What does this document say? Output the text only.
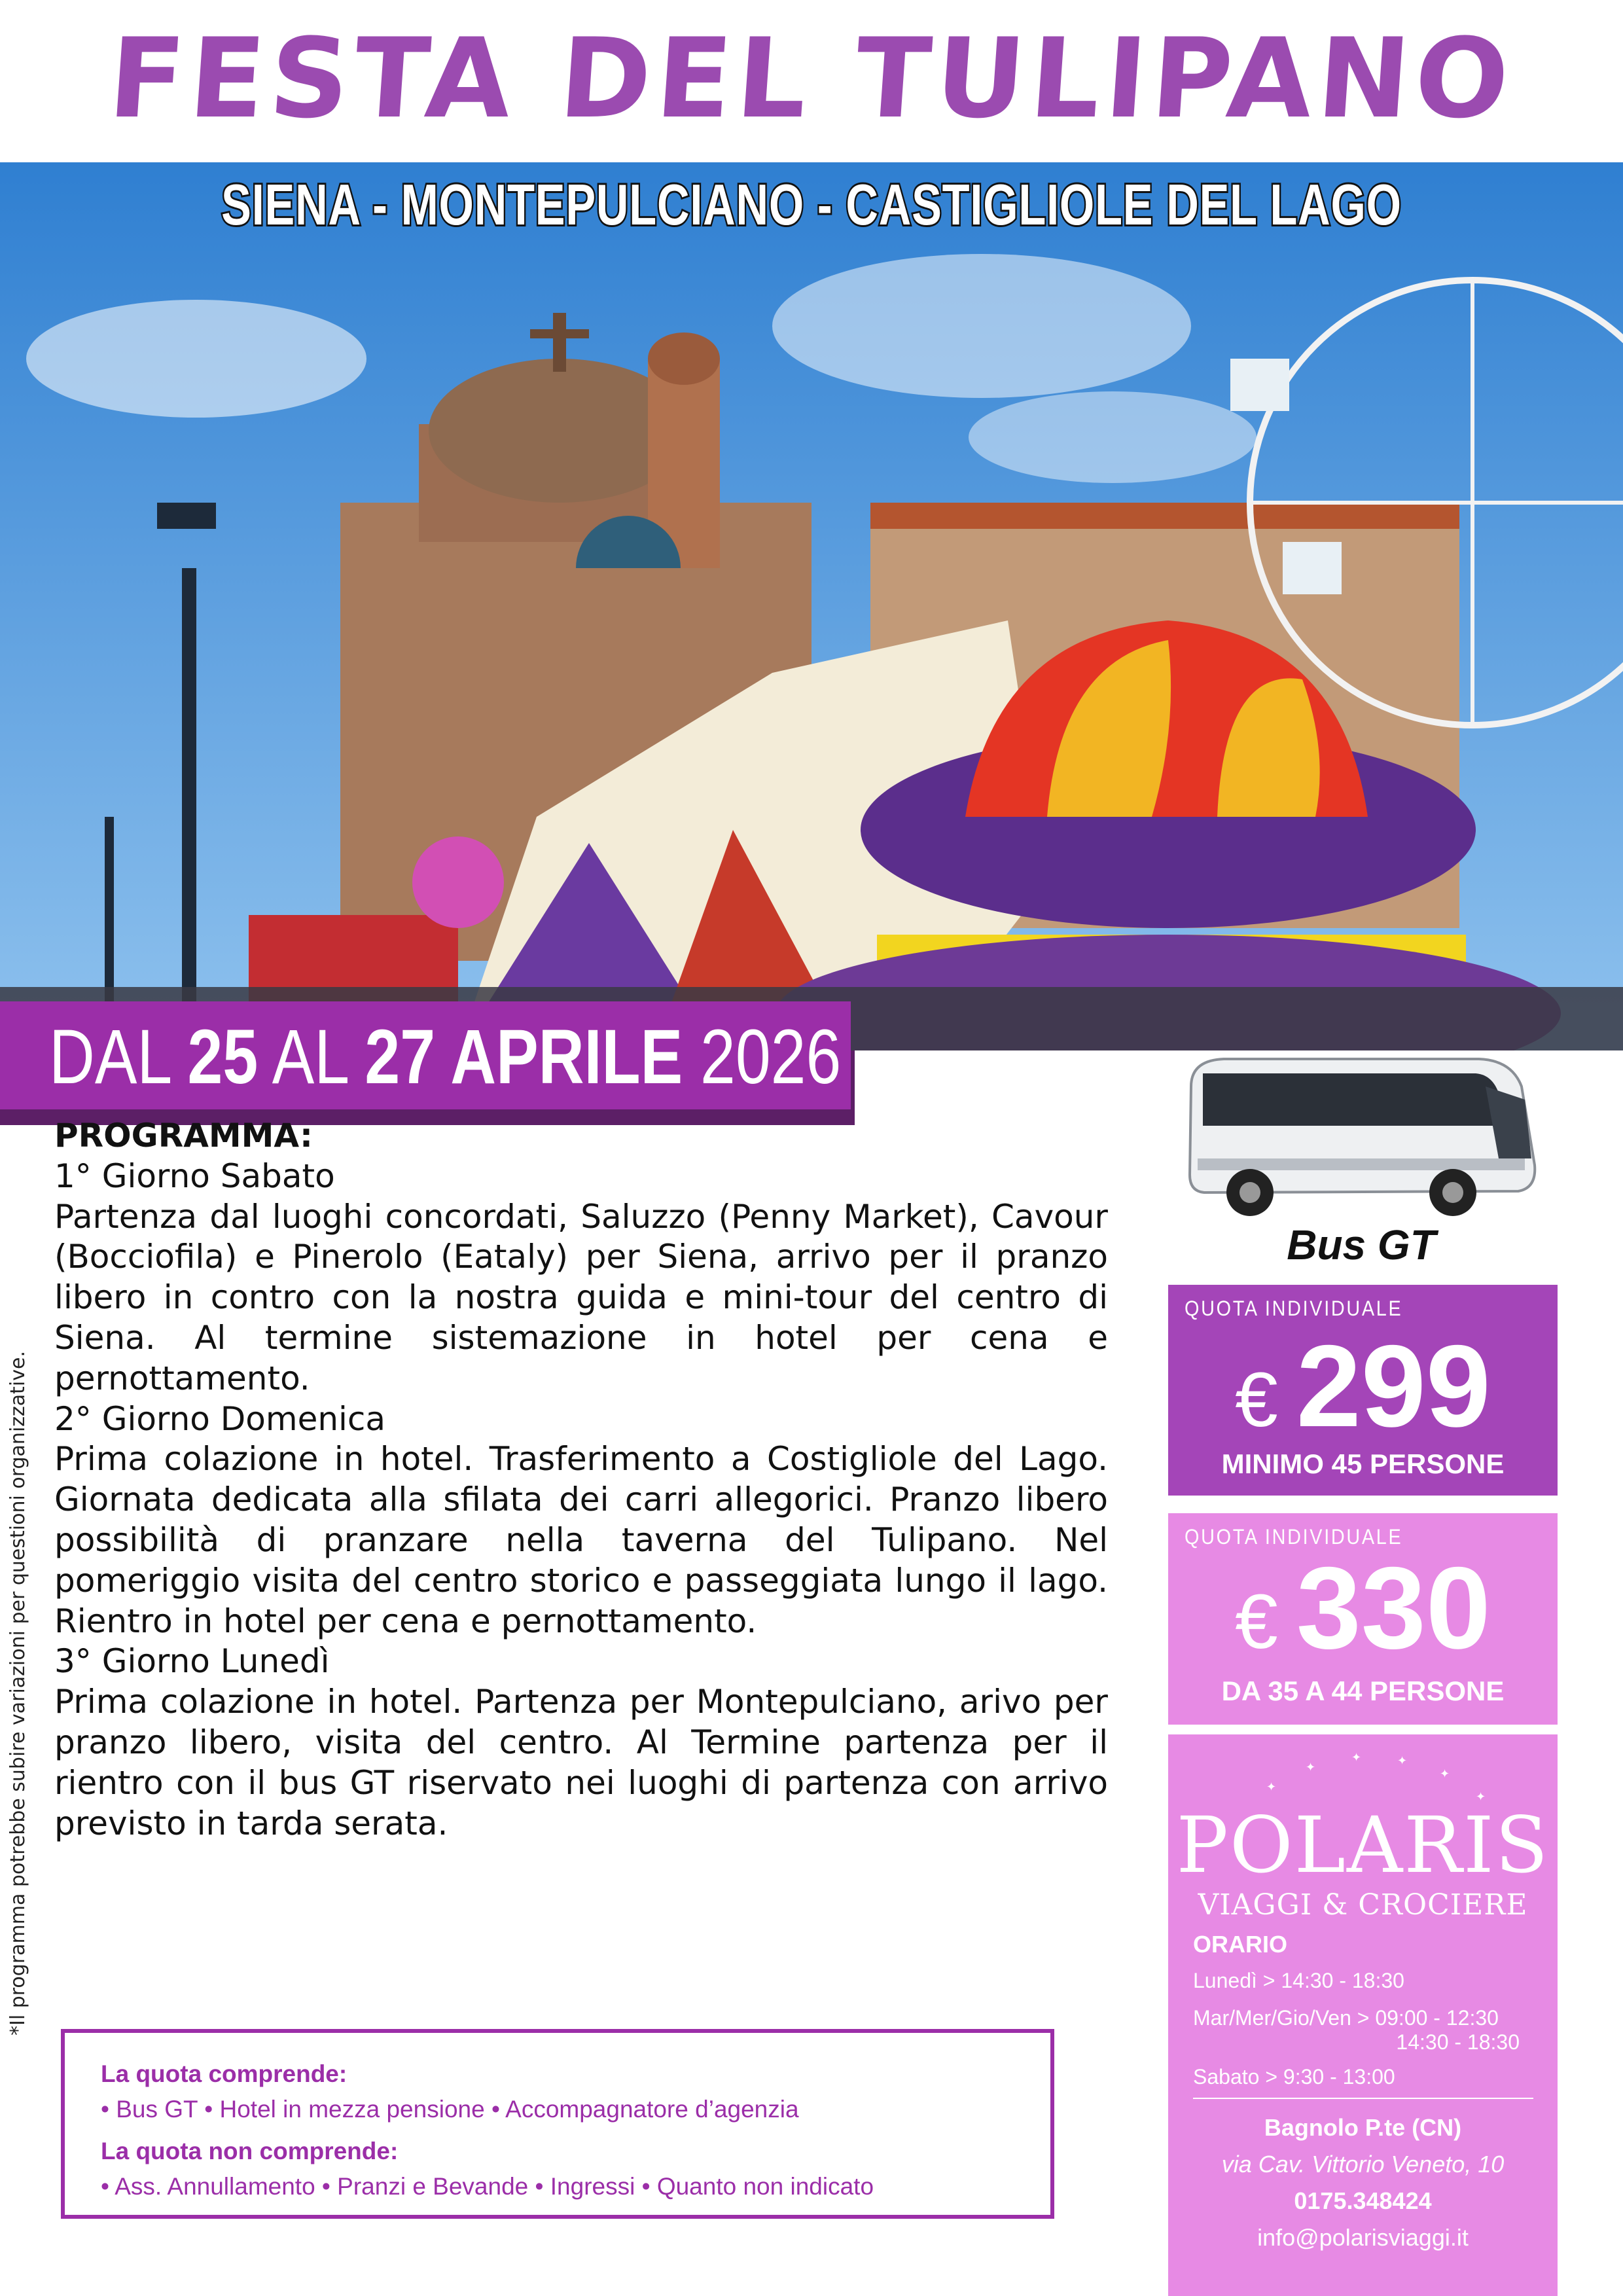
FESTA DEL TULIPANO
SIENA - MONTEPULCIANO - CASTIGLIOLE DEL LAGO
DAL 25 AL 27 APRILE 2026

PROGRAMMA:

1° Giorno Sabato

Partenza dal luoghi concordati, Saluzzo (Penny Market), Cavour (Bocciofila) e Pinerolo (Eataly) per Siena, arrivo per il pranzo libero in contro con la nostra guida e mini-tour del centro di Siena. Al termine sistemazione in hotel per cena e pernottamento.

2° Giorno Domenica

Prima colazione in hotel. Trasferimento a Costigliole del Lago. Giornata dedicata alla sfilata dei carri allegorici. Pranzo libero possibilità di pranzare nella taverna del Tulipano. Nel pomeriggio visita del centro storico e passeggiata lungo il lago. Rientro in hotel per cena e pernottamento.

3° Giorno Lunedì

Prima colazione in hotel. Partenza per Montepulciano, arivo per pranzo libero, visita del centro. Al Termine partenza per il rientro con il bus GT riservato nei luoghi di partenza con arrivo previsto in tarda serata.

*Il programma potrebbe subire variazioni per questioni organizzative.
Bus GT
QUOTA INDIVIDUALE
€ 299
MINIMO 45 PERSONE
QUOTA INDIVIDUALE
€ 330
DA 35 A 44 PERSONE
✦
✦
✦	✦
✦
✦
POLARIS
VIAGGI & CROCIERE
ORARIO
Lunedì > 14:30 - 18:30
Mar/Mer/Gio/Ven > 09:00 - 12:30
14:30 - 18:30
Sabato > 9:30 - 13:00
Bagnolo P.te (CN)
via Cav. Vittorio Veneto, 10
0175.348424
info@polarisviaggi.it
La quota comprende:
• Bus GT • Hotel in mezza pensione • Accompagnatore d’agenzia
La quota non comprende:
• Ass. Annullamento • Pranzi e Bevande • Ingressi • Quanto non indicato
